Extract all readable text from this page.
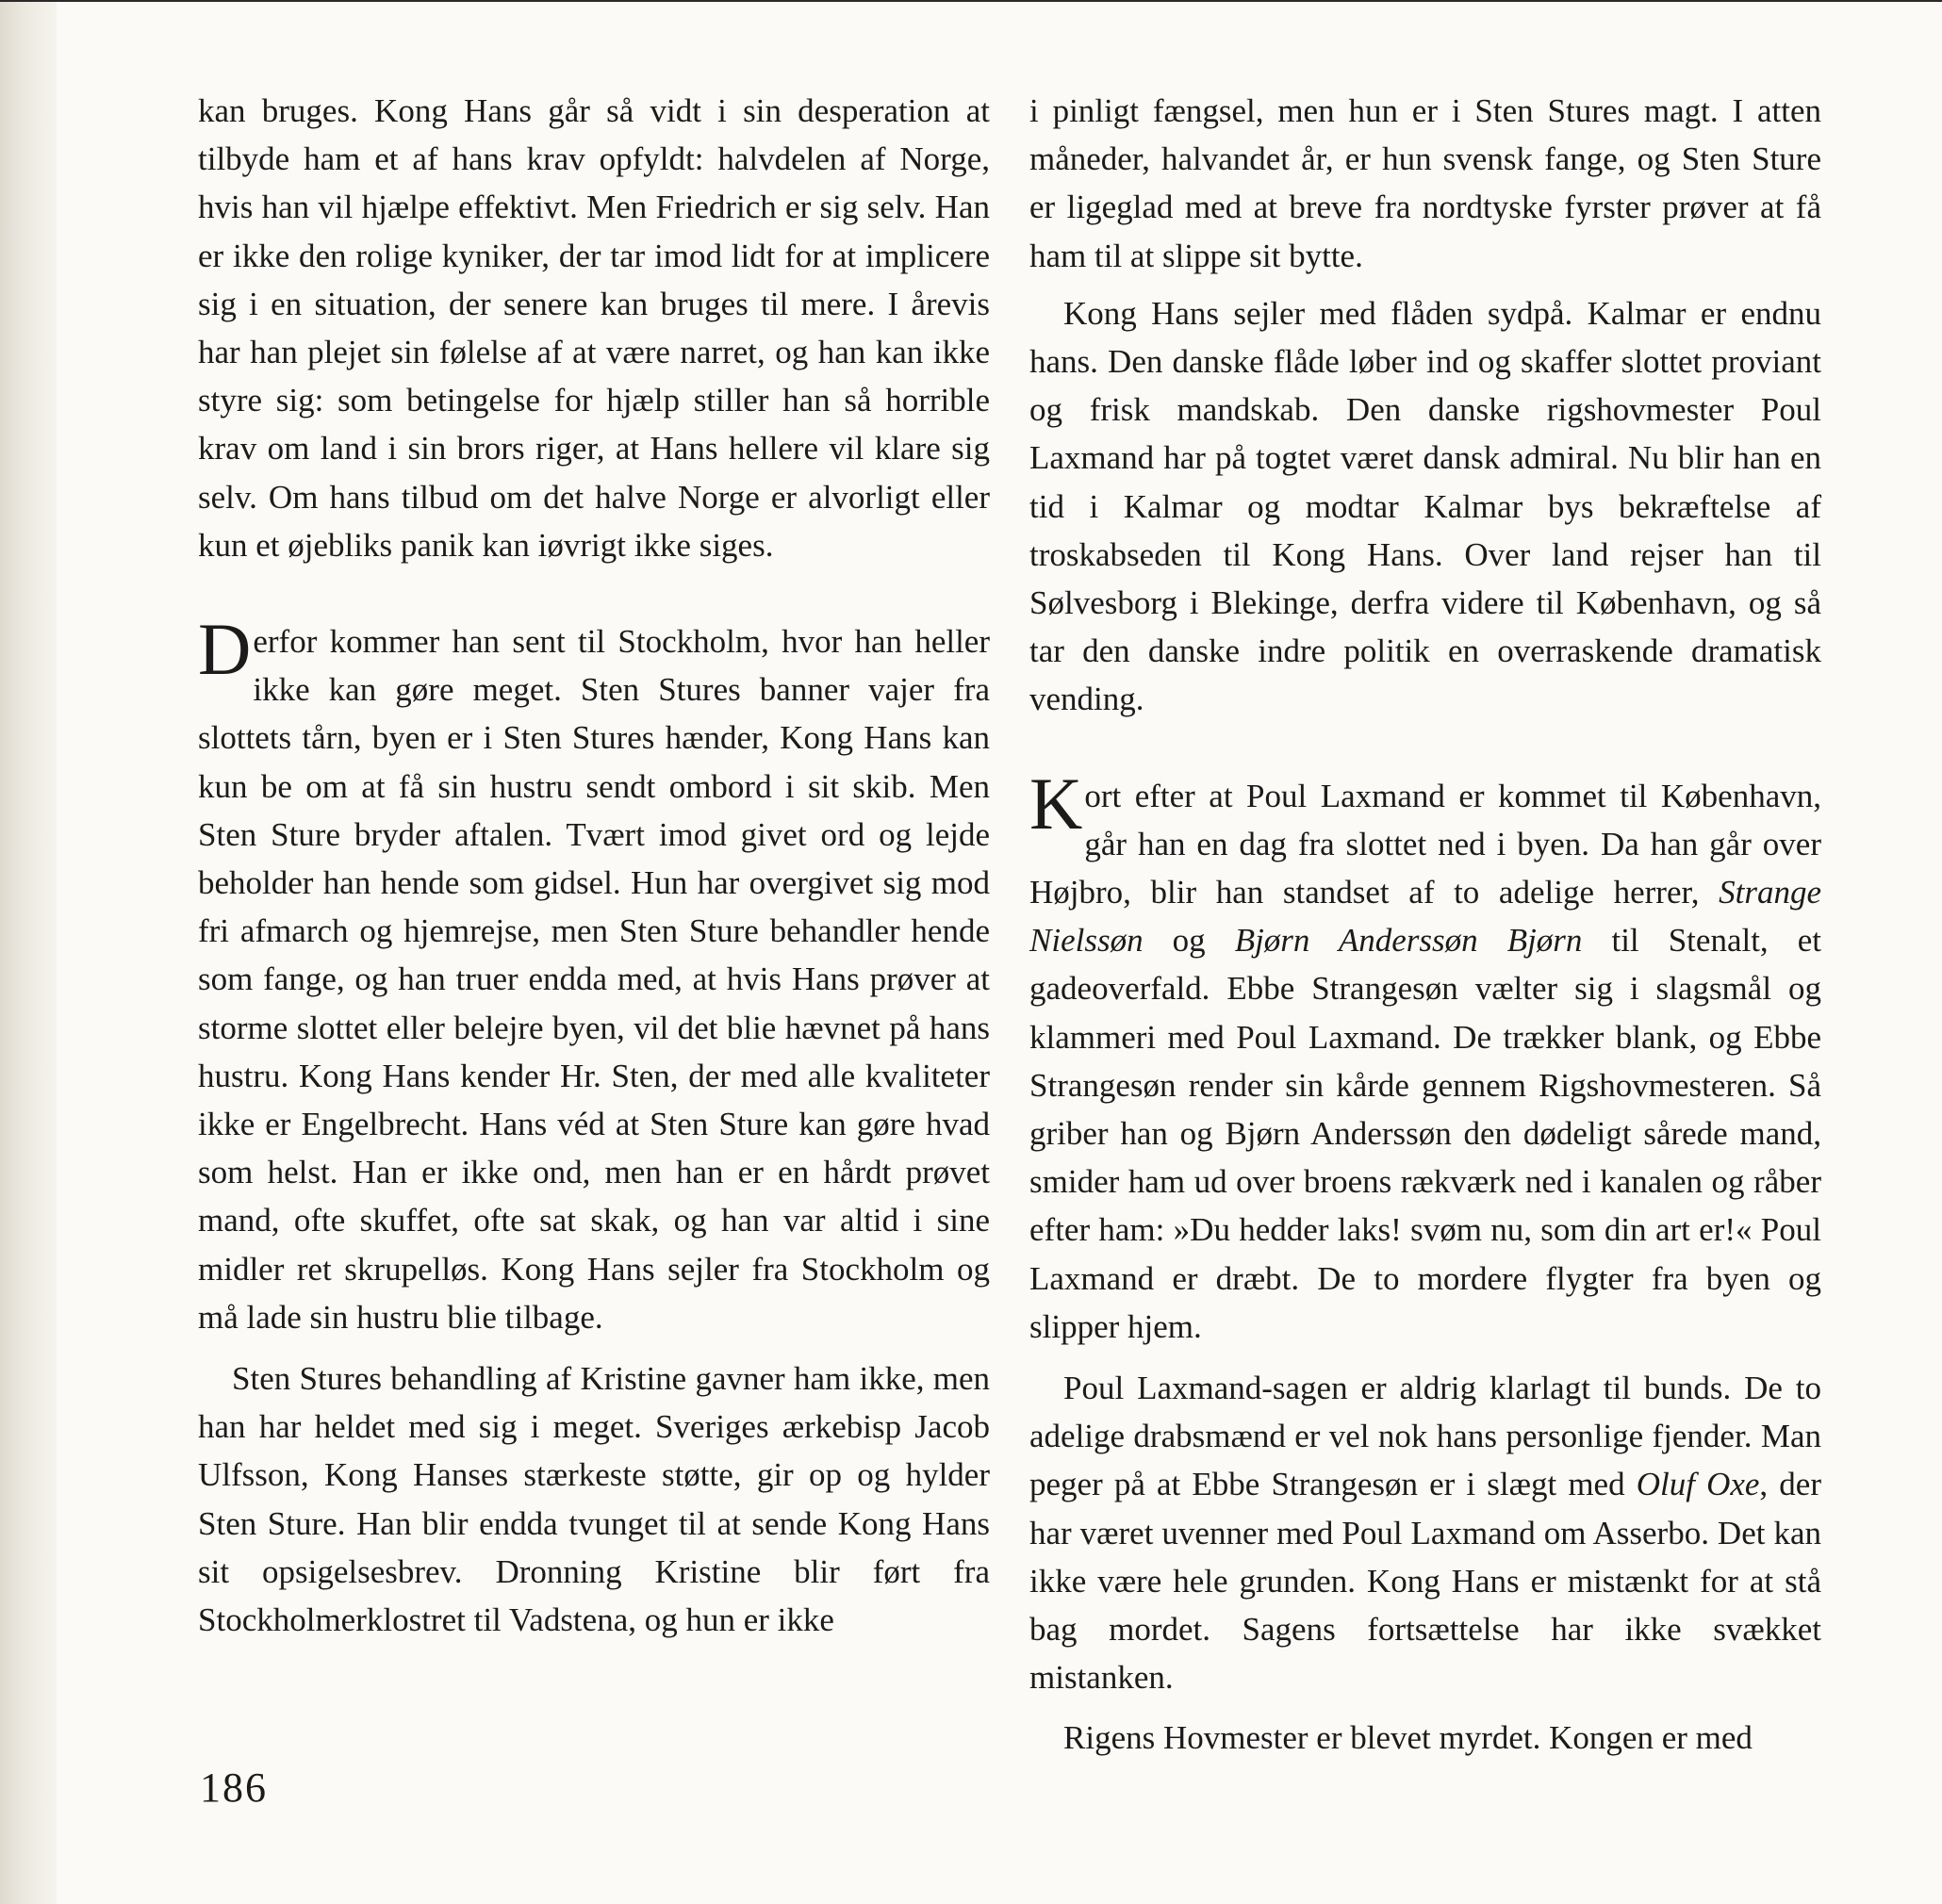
kan bruges. Kong Hans går så vidt i sin desperation at tilbyde ham et af hans krav opfyldt: halvdelen af Norge, hvis han vil hjælpe effektivt. Men Friedrich er sig selv. Han er ikke den rolige kyniker, der tar imod lidt for at implicere sig i en situation, der senere kan bruges til mere. I årevis har han plejet sin følelse af at være narret, og han kan ikke styre sig: som betingelse for hjælp stiller han så horrible krav om land i sin brors riger, at Hans hellere vil klare sig selv. Om hans tilbud om det halve Norge er alvorligt eller kun et øjebliks panik kan iøvrigt ikke siges.

Derfor kommer han sent til Stockholm, hvor han heller ikke kan gøre meget. Sten Stures banner vajer fra slottets tårn, byen er i Sten Stures hænder, Kong Hans kan kun be om at få sin hustru sendt ombord i sit skib. Men Sten Sture bryder aftalen. Tvært imod givet ord og lejde beholder han hende som gidsel. Hun har overgivet sig mod fri afmarch og hjemrejse, men Sten Sture behandler hende som fange, og han truer endda med, at hvis Hans prøver at storme slottet eller belejre byen, vil det blie hævnet på hans hustru. Kong Hans kender Hr. Sten, der med alle kvaliteter ikke er Engelbrecht. Hans véd at Sten Sture kan gøre hvad som helst. Han er ikke ond, men han er en hårdt prøvet mand, ofte skuffet, ofte sat skak, og han var altid i sine midler ret skrupelløs. Kong Hans sejler fra Stockholm og må lade sin hustru blie tilbage.

Sten Stures behandling af Kristine gavner ham ikke, men han har heldet med sig i meget. Sveriges ærkebisp Jacob Ulfsson, Kong Hanses stærkeste støtte, gir op og hylder Sten Sture. Han blir endda tvunget til at sende Kong Hans sit opsigelsesbrev. Dronning Kristine blir ført fra Stockholmerklostret til Vadstena, og hun er ikke

i pinligt fængsel, men hun er i Sten Stures magt. I atten måneder, halvandet år, er hun svensk fange, og Sten Sture er ligeglad med at breve fra nordtyske fyrster prøver at få ham til at slippe sit bytte.

Kong Hans sejler med flåden sydpå. Kalmar er endnu hans. Den danske flåde løber ind og skaffer slottet proviant og frisk mandskab. Den danske rigshovmester Poul Laxmand har på togtet været dansk admiral. Nu blir han en tid i Kalmar og modtar Kalmar bys bekræftelse af troskabseden til Kong Hans. Over land rejser han til Sølvesborg i Blekinge, derfra videre til København, og så tar den danske indre politik en overraskende dramatisk vending.

Kort efter at Poul Laxmand er kommet til København, går han en dag fra slottet ned i byen. Da han går over Højbro, blir han standset af to adelige herrer, Strange Nielssøn og Bjørn Anderssøn Bjørn til Stenalt, et gadeoverfald. Ebbe Strangesøn vælter sig i slagsmål og klammeri med Poul Laxmand. De trækker blank, og Ebbe Strangesøn render sin kårde gennem Rigshovmesteren. Så griber han og Bjørn Anderssøn den dødeligt sårede mand, smider ham ud over broens rækværk ned i kanalen og råber efter ham: »Du hedder laks! svøm nu, som din art er!« Poul Laxmand er dræbt. De to mordere flygter fra byen og slipper hjem.

Poul Laxmand-sagen er aldrig klarlagt til bunds. De to adelige drabsmænd er vel nok hans personlige fjender. Man peger på at Ebbe Strangesøn er i slægt med Oluf Oxe, der har været uvenner med Poul Laxmand om Asserbo. Det kan ikke være hele grunden. Kong Hans er mistænkt for at stå bag mordet. Sagens fortsættelse har ikke svækket mistanken.

Rigens Hovmester er blevet myrdet. Kongen er med

186
